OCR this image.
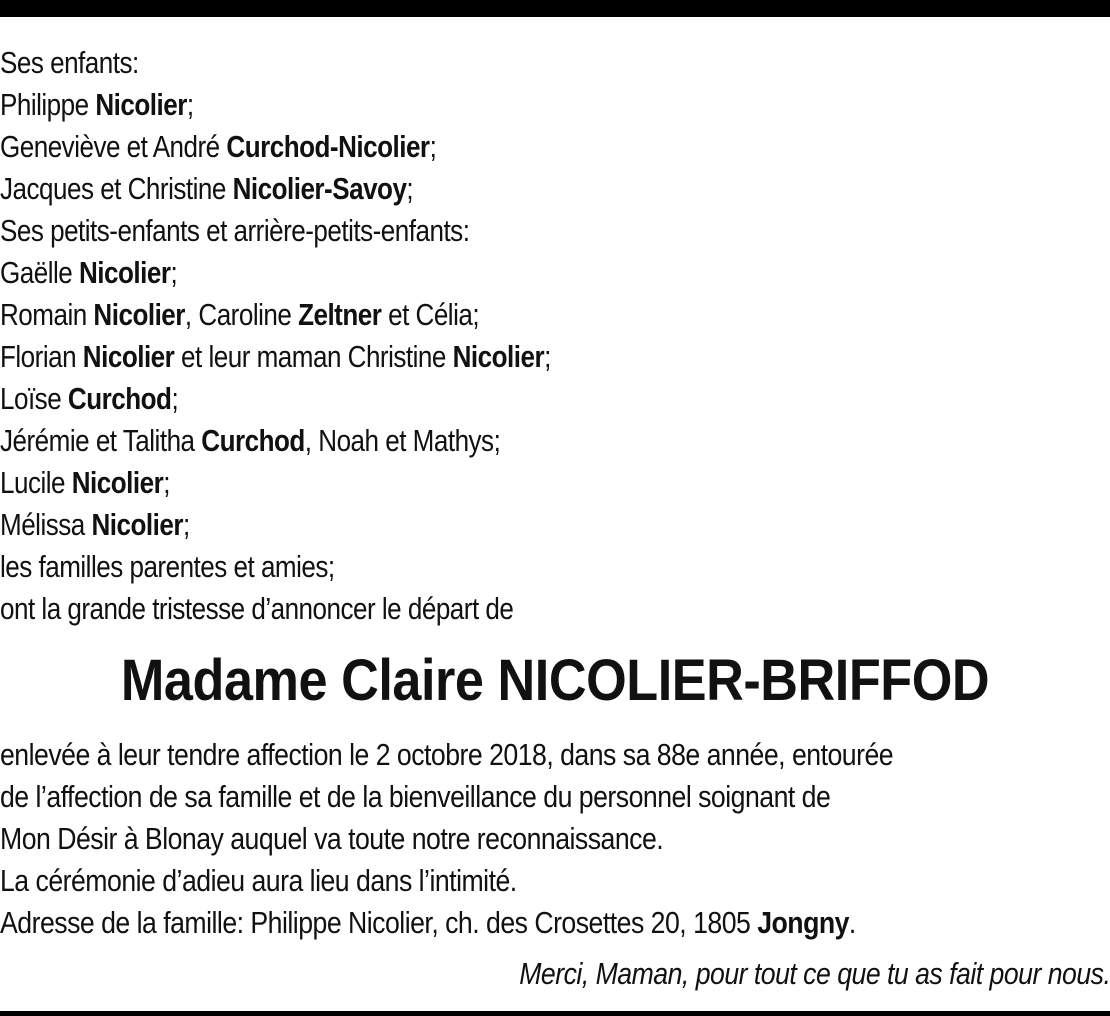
Ses enfants:
Philippe Nicolier;
Geneviève et André Curchod-Nicolier;
Jacques et Christine Nicolier-Savoy;
Ses petits-enfants et arrière-petits-enfants:
Gaëlle Nicolier;
Romain Nicolier, Caroline Zeltner et Célia;
Florian Nicolier et leur maman Christine Nicolier;
Loïse Curchod;
Jérémie et Talitha Curchod, Noah et Mathys;
Lucile Nicolier;
Mélissa Nicolier;
les familles parentes et amies;
ont la grande tristesse d’annoncer le départ de
Madame Claire NICOLIER-BRIFFOD
enlevée à leur tendre affection le 2 octobre 2018, dans sa 88e année, entourée
de l’affection de sa famille et de la bienveillance du personnel soignant de
Mon Désir à Blonay auquel va toute notre reconnaissance.
La cérémonie d’adieu aura lieu dans l’intimité.
Adresse de la famille: Philippe Nicolier, ch. des Crosettes 20, 1805 Jongny.
Merci, Maman, pour tout ce que tu as fait pour nous.
